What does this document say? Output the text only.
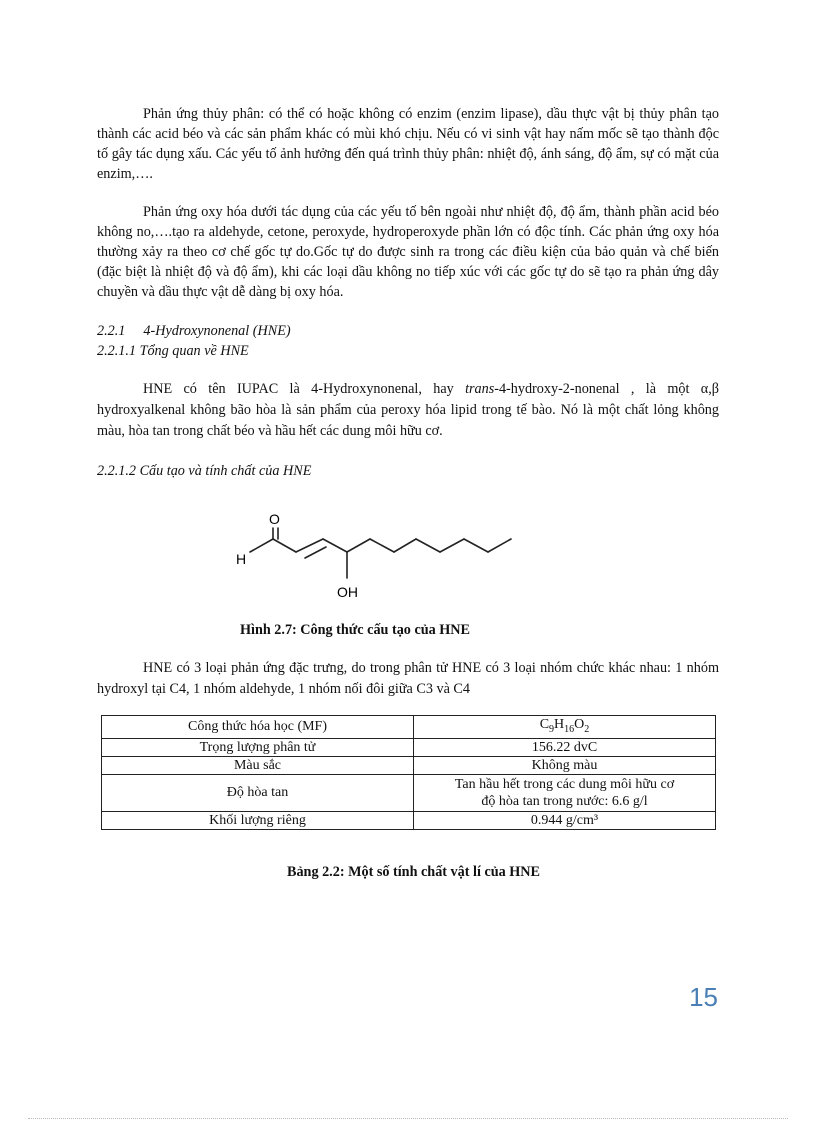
Phản ứng thủy phân: có thể có hoặc không có enzim (enzim lipase), dầu thực vật bị thủy phân tạo thành các acid béo và các sản phẩm khác có mùi khó chịu. Nếu có vi sinh vật hay nấm mốc sẽ tạo thành độc tố gây tác dụng xấu. Các yếu tố ảnh hưởng đến quá trình thủy phân: nhiệt độ, ánh sáng, độ ẩm, sự có mặt của enzim,….

Phản ứng oxy hóa dưới tác dụng của các yếu tố bên ngoài như nhiệt độ, độ ẩm, thành phần acid béo không no,….tạo ra aldehyde, cetone, peroxyde, hydroperoxyde phần lớn có độc tính. Các phản ứng oxy hóa thường xảy ra theo cơ chế gốc tự do.Gốc tự do được sinh ra trong các điều kiện của bảo quản và chế biến (đặc biệt là nhiệt độ và độ ẩm), khi các loại dầu không no tiếp xúc với các gốc tự do sẽ tạo ra phản ứng dây chuyền và dầu thực vật dễ dàng bị oxy hóa.

2.2.1 4-Hydroxynonenal (HNE)
2.2.1.1 Tổng quan về HNE

HNE có tên IUPAC là 4-Hydroxynonenal, hay trans-4-hydroxy-2-nonenal , là một α,β hydroxyalkenal không bão hòa là sản phẩm của peroxy hóa lipid trong tế bào. Nó là một chất lỏng không màu, hòa tan trong chất béo và hầu hết các dung môi hữu cơ.

2.2.1.2 Cấu tạo và tính chất của HNE
O
H
OH
Hình 2.7: Công thức cấu tạo của HNE

HNE có 3 loại phản ứng đặc trưng, do trong phân tử HNE có 3 loại nhóm chức khác nhau: 1 nhóm hydroxyl tại C4, 1 nhóm aldehyde, 1 nhóm nối đôi giữa C3 và C4

Công thức hóa học (MF)	$C_9H_{16}O_2$
Trọng lượng phân tử	156.22 dvC
Màu sắc	Không màu
Độ hòa tan	Tan hầu hết trong các dung môi hữu cơ
độ hòa tan trong nước: 6.6 g/l

Khối lượng riêng	0.944 g/cm³
Bảng 2.2: Một số tính chất vật lí của HNE
15
